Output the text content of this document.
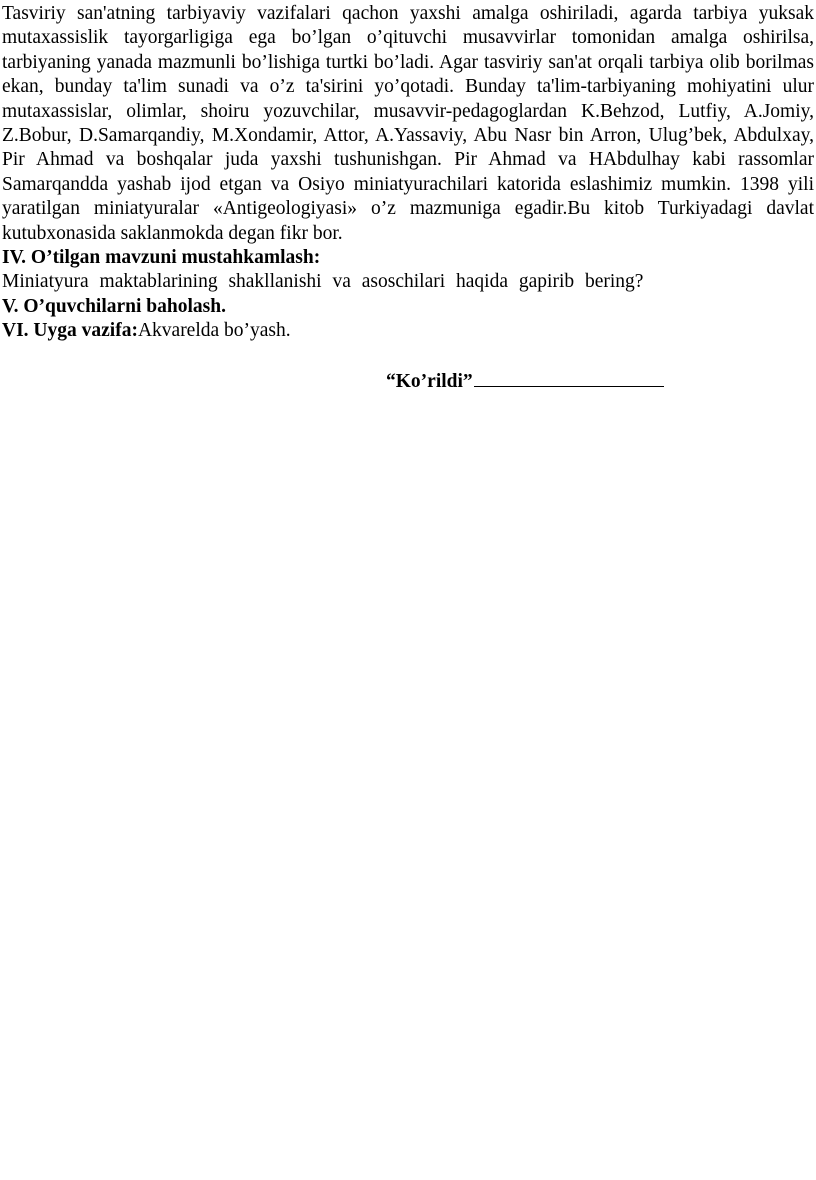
Tasviriy san'atning tarbiyaviy vazifalari qachon yaxshi amalga oshiriladi, agarda tarbiya yuksak mutaxassislik tayorgarligiga ega bo’lgan o’qituvchi musavvirlar tomonidan amalga oshirilsa, tarbiyaning yanada mazmunli bo’lishiga turtki bo’ladi. Agar tasviriy san'at orqali tarbiya olib borilmas ekan, bunday ta'lim sunadi va o’z ta'sirini yo’qotadi. Bunday ta'lim-tarbiyaning mohiyatini ulur mutaxassislar, olimlar, shoiru yozuvchilar, musavvir-pedagoglardan K.Behzod, Lutfiy, A.Jomiy, Z.Bobur, D.Samarqandiy, M.Xondamir, Attor, A.Yassaviy, Abu Nasr bin Arron, Ulug’bek, Abdulxay, Pir Ahmad va boshqalar juda yaxshi tushunishgan. Pir Ahmad va HAbdulhay kabi rassomlar Samarqandda yashab ijod etgan va Osiyo miniatyurachilari katorida eslashimiz mumkin. 1398 yili yaratilgan miniatyuralar «Antigeologiyasi» o’z mazmuniga egadir.Bu kitob Turkiyadagi davlat kutubxonasida saklanmokda degan fikr bor.

IV. O’tilgan mavzuni mustahkamlash:

Miniatyura maktablarining shakllanishi va asoschilari haqida gapirib bering?

V. O’quvchilarni baholash.

VI. Uyga vazifa:Akvarelda bo’yash.

“Ko’rildi”
